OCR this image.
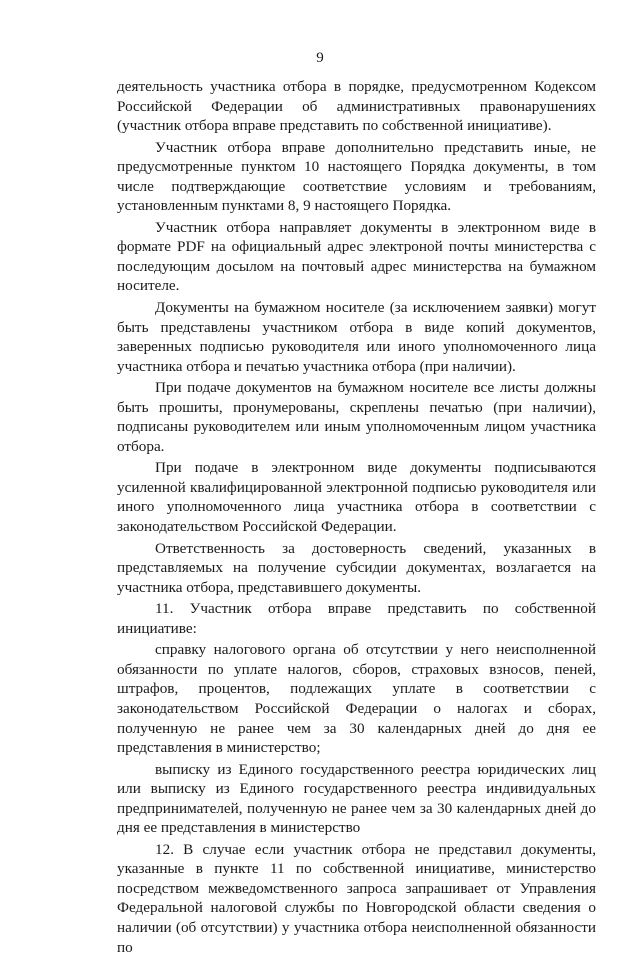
9

деятельность участника отбора в порядке, предусмотренном Кодексом Российской Федерации об административных правонарушениях (участник отбора вправе представить по собственной инициативе).

Участник отбора вправе дополнительно представить иные, не предусмотренные пунктом 10 настоящего Порядка документы, в том числе подтверждающие соответствие условиям и требованиям, установленным пунктами 8, 9 настоящего Порядка.

Участник отбора направляет документы в электронном виде в формате PDF на официальный адрес электроной почты министерства с последующим досылом на почтовый адрес министерства на бумажном носителе.

Документы на бумажном носителе (за исключением заявки) могут быть представлены участником отбора в виде копий документов, заверенных подписью руководителя или иного уполномоченного лица участника отбора и печатью участника отбора (при наличии).

При подаче документов на бумажном носителе все листы должны быть прошиты, пронумерованы, скреплены печатью (при наличии), подписаны руководителем или иным уполномоченным лицом участника отбора.

При подаче в электронном виде документы подписываются усиленной квалифицированной электронной подписью руководителя или иного уполномоченного лица участника отбора в соответствии с законодательством Российской Федерации.

Ответственность за достоверность сведений, указанных в представляемых на получение субсидии документах, возлагается на участника отбора, представившего документы.

11. Участник отбора вправе представить по собственной инициативе:

справку налогового органа об отсутствии у него неисполненной обязанности по уплате налогов, сборов, страховых взносов, пеней, штрафов, процентов, подлежащих уплате в соответствии с законодательством Российской Федерации о налогах и сборах, полученную не ранее чем за 30 календарных дней до дня ее представления в министерство;

выписку из Единого государственного реестра юридических лиц или выписку из Единого государственного реестра индивидуальных предпринимателей, полученную не ранее чем за 30 календарных дней до дня ее представления в министерство

12. В случае если участник отбора не представил документы, указанные в пункте 11 по собственной инициативе, министерство посредством межведомственного запроса запрашивает от Управления Федеральной налоговой службы по Новгородской области сведения о наличии (об отсутствии) у участника отбора неисполненной обязанности по
